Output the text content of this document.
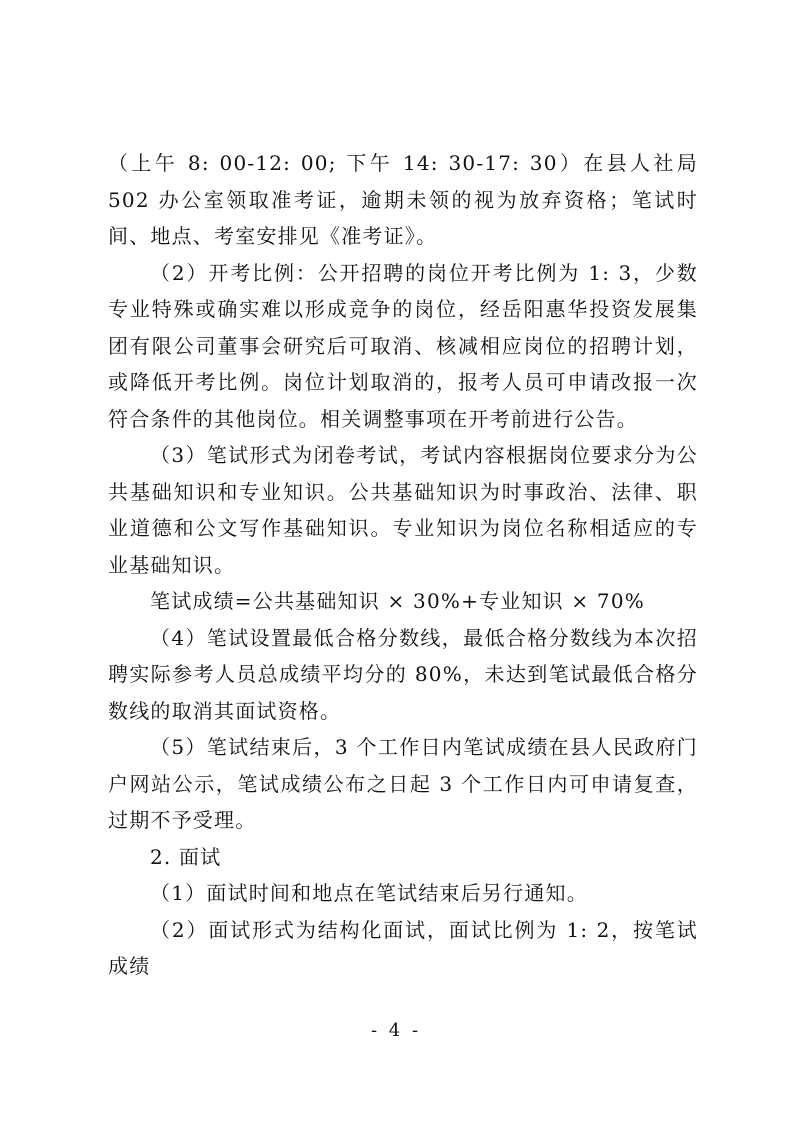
（上午 8: 00-12: 00; 下午 14: 30-17: 30）在县人社局 502 办公室领取准考证，逾期未领的视为放弃资格；笔试时间、地点、考室安排见《准考证》。

（2）开考比例：公开招聘的岗位开考比例为 1: 3，少数专业特殊或确实难以形成竞争的岗位，经岳阳惠华投资发展集团有限公司董事会研究后可取消、核减相应岗位的招聘计划，或降低开考比例。岗位计划取消的，报考人员可申请改报一次符合条件的其他岗位。相关调整事项在开考前进行公告。

（3）笔试形式为闭卷考试，考试内容根据岗位要求分为公共基础知识和专业知识。公共基础知识为时事政治、法律、职业道德和公文写作基础知识。专业知识为岗位名称相适应的专业基础知识。

笔试成绩=公共基础知识 × 30%+专业知识 × 70%

（4）笔试设置最低合格分数线，最低合格分数线为本次招聘实际参考人员总成绩平均分的 80%，未达到笔试最低合格分数线的取消其面试资格。

（5）笔试结束后，3 个工作日内笔试成绩在县人民政府门户网站公示，笔试成绩公布之日起 3 个工作日内可申请复查，过期不予受理。

2. 面试

（1）面试时间和地点在笔试结束后另行通知。

（2）面试形式为结构化面试，面试比例为 1: 2，按笔试成绩

- 4 -
